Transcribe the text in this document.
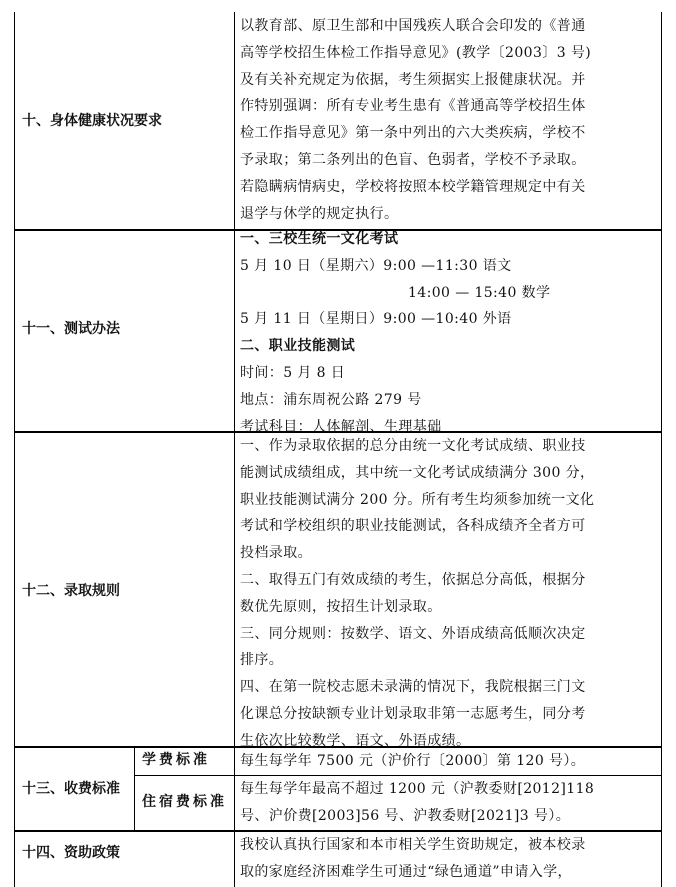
十、身体健康状况要求
以教育部、原卫生部和中国残疾人联合会印发的《普通
高等学校招生体检工作指导意见》(教学〔2003〕3 号)
及有关补充规定为依据，考生须据实上报健康状况。并
作特别强调：所有专业考生患有《普通高等学校招生体
检工作指导意见》第一条中列出的六大类疾病，学校不
予录取；第二条列出的色盲、色弱者，学校不予录取。
若隐瞒病情病史，学校将按照本校学籍管理规定中有关
退学与休学的规定执行。
十一、测试办法
一、三校生统一文化考试
5 月 10 日（星期六）9:00 —11:30 语文
14:00 — 15:40 数学
5 月 11 日（星期日）9:00 —10:40 外语
二、职业技能测试
时间：5 月 8 日
地点：浦东周祝公路 279 号
考试科目：人体解剖、生理基础
十二、录取规则
一、作为录取依据的总分由统一文化考试成绩、职业技
能测试成绩组成，其中统一文化考试成绩满分 300 分，
职业技能测试满分 200 分。所有考生均须参加统一文化
考试和学校组织的职业技能测试，各科成绩齐全者方可
投档录取。
二、取得五门有效成绩的考生，依据总分高低，根据分
数优先原则，按招生计划录取。
三、同分规则：按数学、语文、外语成绩高低顺次决定
排序。
四、在第一院校志愿未录满的情况下，我院根据三门文
化课总分按缺额专业计划录取非第一志愿考生，同分考
生依次比较数学、语文、外语成绩。
十三、收费标准
学费标准
住宿费标准
每生每学年 7500 元（沪价行〔2000〕第 120 号）。
每生每学年最高不超过 1200 元（沪教委财[2012]118
号、沪价费[2003]56 号、沪教委财[2021]3 号）。
十四、资助政策	我校认真执行国家和本市相关学生资助规定，被本校录
取的家庭经济困难学生可通过“绿色通道”申请入学，
